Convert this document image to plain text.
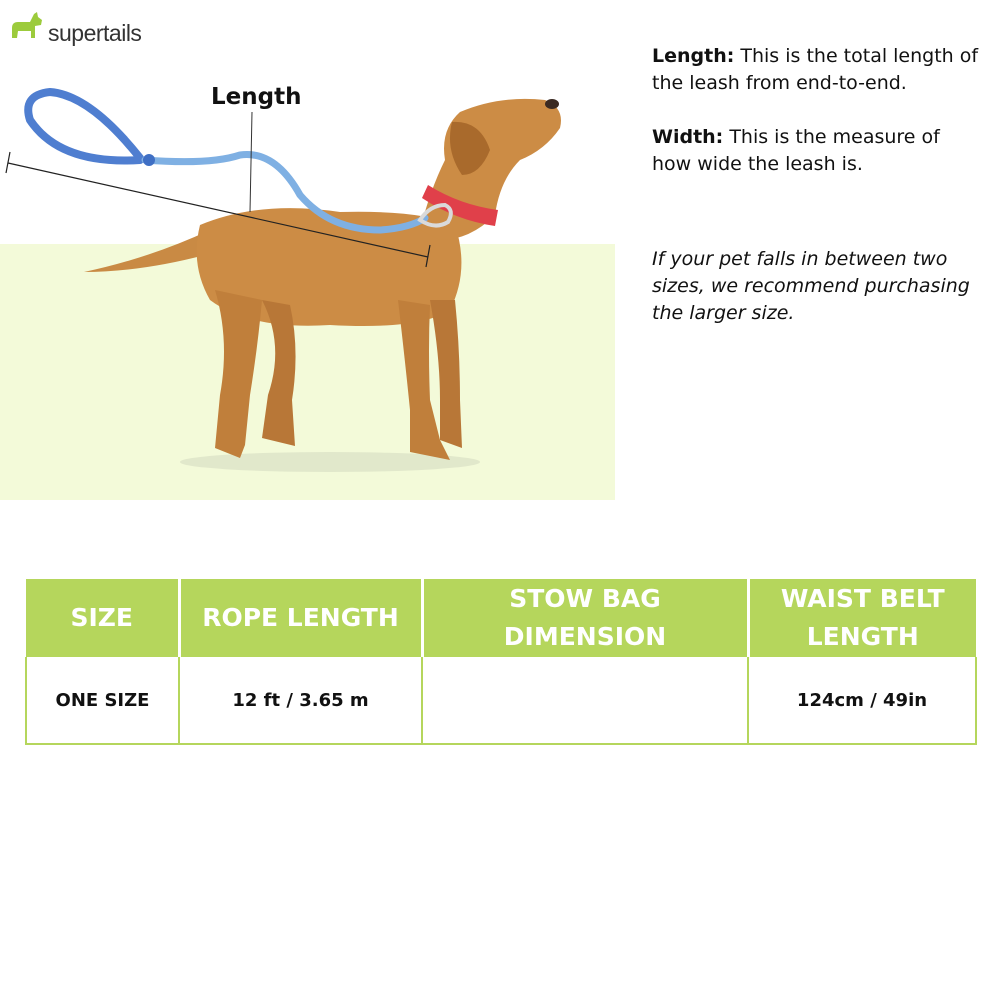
supertails
Length
Length: This is the total length of the leash from end-to-end.
Width: This is the measure of how wide the leash is.
If your pet falls in between two sizes, we recommend purchasing the larger size.
SIZE	ROPE LENGTH	STOW BAG DIMENSION	WAIST BELT LENGTH
ONE SIZE	12 ft / 3.65 m		124cm / 49in
